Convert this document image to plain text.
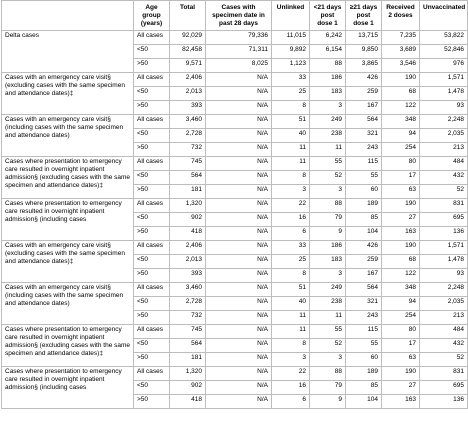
	Age group (years)	Total	Cases with specimen date in past 28 days	Unlinked	<21 days post dose 1	≥21 days post dose 1	Received 2 doses	Unvaccinated
Delta cases	All cases	92,029	79,336	11,015	6,242	13,715	7,235	53,822
	<50	82,458	71,311	9,892	6,154	9,850	3,689	52,846
	>50	9,571	8,025	1,123	88	3,865	3,546	976
Cases with an emergency care visit§ (excluding cases with the same specimen and attendance dates)‡	All cases	2,406	N/A	33	186	426	190	1,571
	<50	2,013	N/A	25	183	259	68	1,478
	>50	393	N/A	8	3	167	122	93
Cases with an emergency care visit§ (including cases with the same specimen and attendance dates)	All cases	3,460	N/A	51	249	564	348	2,248
	<50	2,728	N/A	40	238	321	94	2,035
	>50	732	N/A	11	11	243	254	213
Cases where presentation to emergency care resulted in overnight inpatient admission§ (excluding cases with the same specimen and attendance dates)‡	All cases	745	N/A	11	55	115	80	484
	<50	564	N/A	8	52	55	17	432
	>50	181	N/A	3	3	60	63	52
Cases where presentation to emergency care resulted in overnight inpatient admission§ (including cases	All cases	1,320	N/A	22	88	189	190	831
	<50	902	N/A	16	79	85	27	695
	>50	418	N/A	6	9	104	163	136
Cases with an emergency care visit§ (excluding cases with the same specimen and attendance dates)‡	All cases	2,406	N/A	33	186	426	190	1,571
	<50	2,013	N/A	25	183	259	68	1,478
	>50	393	N/A	8	3	167	122	93
Cases with an emergency care visit§ (including cases with the same specimen and attendance dates)	All cases	3,460	N/A	51	249	564	348	2,248
	<50	2,728	N/A	40	238	321	94	2,035
	>50	732	N/A	11	11	243	254	213
Cases where presentation to emergency care resulted in overnight inpatient admission§ (excluding cases with the same specimen and attendance dates)‡	All cases	745	N/A	11	55	115	80	484
	<50	564	N/A	8	52	55	17	432
	>50	181	N/A	3	3	60	63	52
Cases where presentation to emergency care resulted in overnight inpatient admission§ (including cases	All cases	1,320	N/A	22	88	189	190	831
	<50	902	N/A	16	79	85	27	695
	>50	418	N/A	6	9	104	163	136
